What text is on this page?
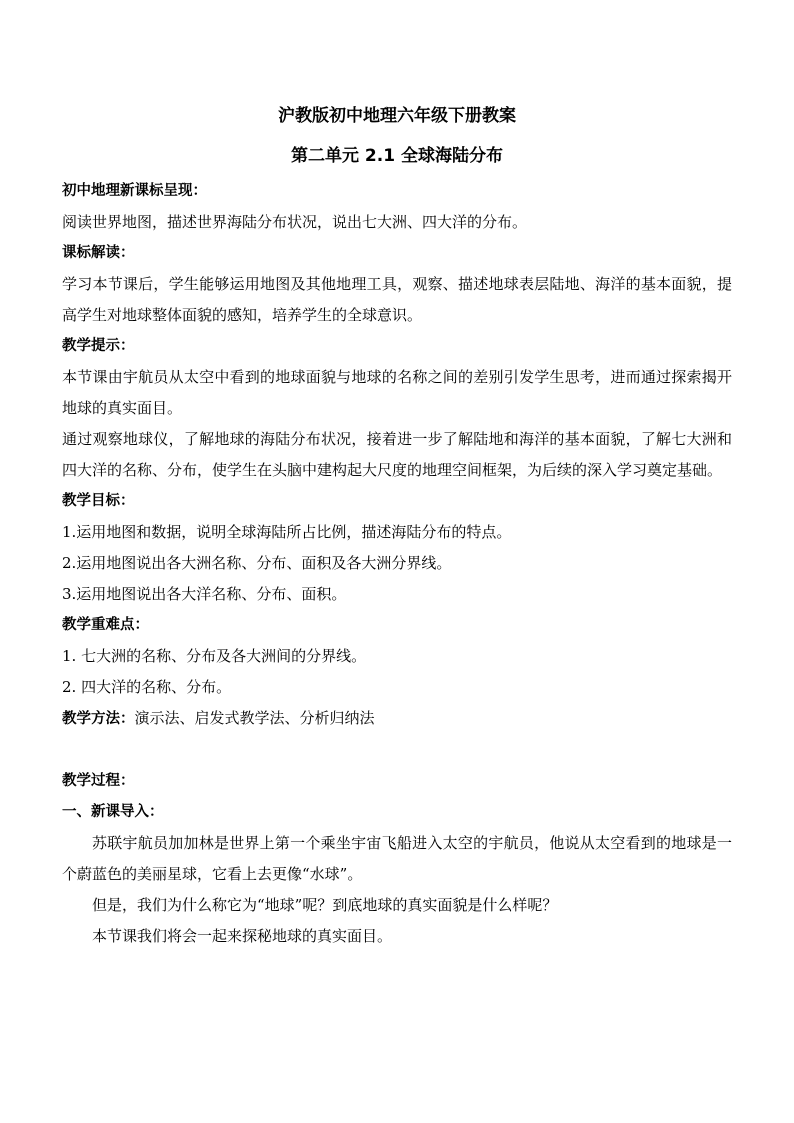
沪教版初中地理六年级下册教案
第二单元 2.1 全球海陆分布

初中地理新课标呈现：

阅读世界地图，描述世界海陆分布状况，说出七大洲、四大洋的分布。

课标解读：

学习本节课后，学生能够运用地图及其他地理工具，观察、描述地球表层陆地、海洋的基本面貌，提高学生对地球整体面貌的感知，培养学生的全球意识。

教学提示：

本节课由宇航员从太空中看到的地球面貌与地球的名称之间的差别引发学生思考，进而通过探索揭开地球的真实面目。

通过观察地球仪，了解地球的海陆分布状况，接着进一步了解陆地和海洋的基本面貌，了解七大洲和四大洋的名称、分布，使学生在头脑中建构起大尺度的地理空间框架，为后续的深入学习奠定基础。

教学目标：

1.运用地图和数据，说明全球海陆所占比例，描述海陆分布的特点。

2.运用地图说出各大洲名称、分布、面积及各大洲分界线。

3.运用地图说出各大洋名称、分布、面积。

教学重难点：

1. 七大洲的名称、分布及各大洲间的分界线。

2. 四大洋的名称、分布。

教学方法：演示法、启发式教学法、分析归纳法

教学过程：

一、新课导入：

苏联宇航员加加林是世界上第一个乘坐宇宙飞船进入太空的宇航员，他说从太空看到的地球是一个蔚蓝色的美丽星球，它看上去更像“水球”。

但是，我们为什么称它为“地球”呢？到底地球的真实面貌是什么样呢？

本节课我们将会一起来探秘地球的真实面目。
